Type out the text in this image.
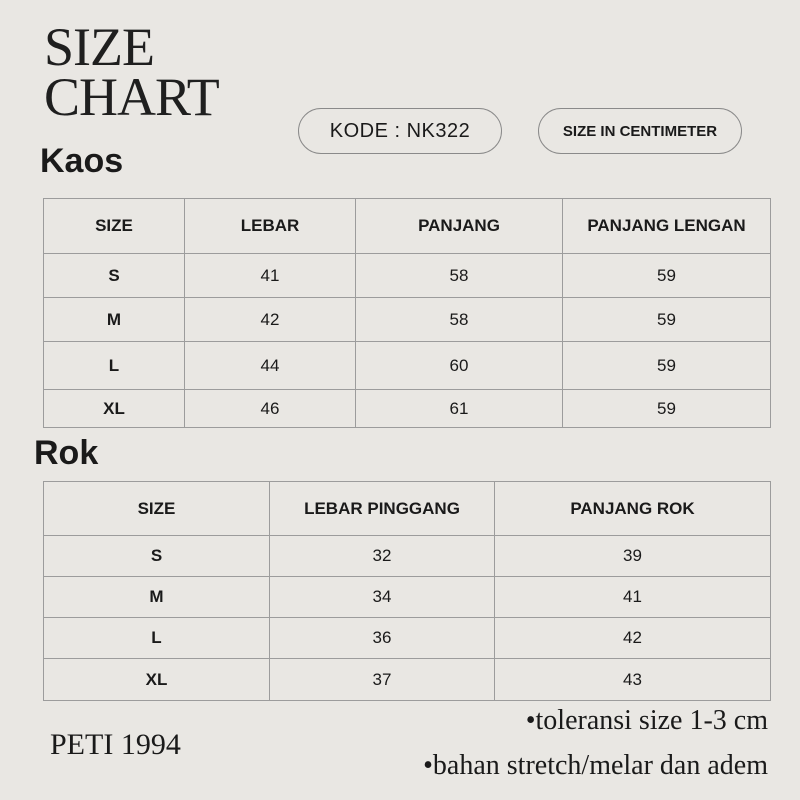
SIZE
CHART
KODE : NK322	SIZE IN CENTIMETER
Kaos
SIZE	LEBAR	PANJANG	PANJANG LENGAN
S	41	58	59
M	42	58	59
L	44	60	59
XL	46	61	59
Rok
SIZE	LEBAR PINGGANG	PANJANG ROK
S	32	39
M	34	41
L	36	42
XL	37	43
PETI 1994
•toleransi size 1-3 cm
•bahan stretch/melar dan adem
